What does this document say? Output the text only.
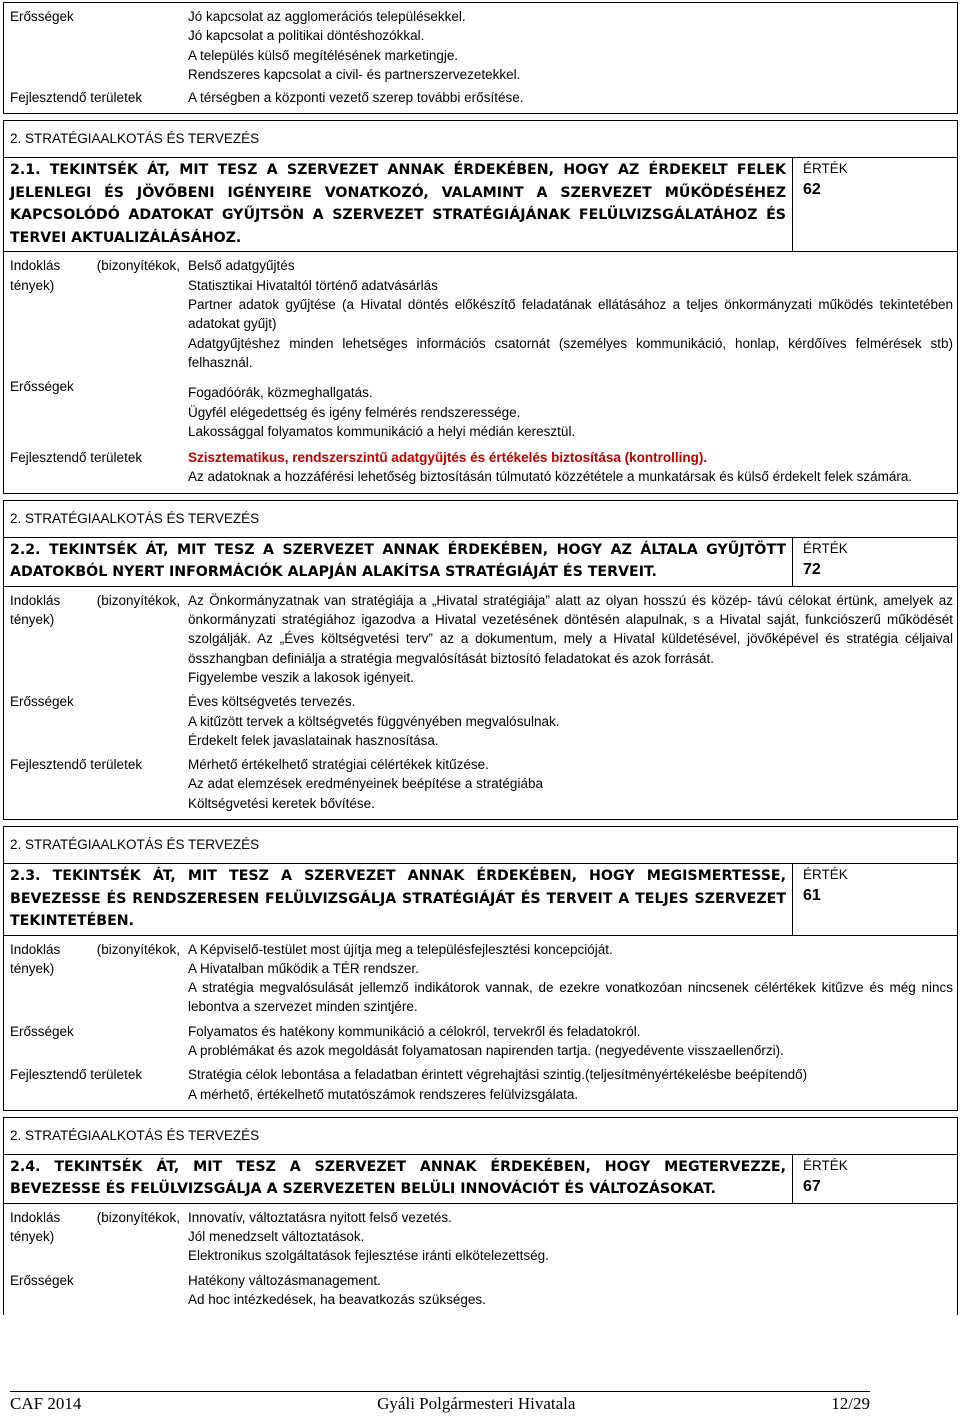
Erősségek	Jó kapcsolat az agglomerációs településekkel.

Jó kapcsolat a politikai döntéshozókkal.

A település külső megítélésének marketingje.

Rendszeres kapcsolat a civil- és partnerszervezetekkel.

Fejlesztendő területek	A térségben a központi vezető szerep további erősítése.

2. STRATÉGIAALKOTÁS ÉS TERVEZÉS
2.1. TEKINTSÉK ÁT, MIT TESZ A SZERVEZET ANNAK ÉRDEKÉBEN, HOGY AZ ÉRDEKELT FELEK JELENLEGI ÉS JÖVŐBENI IGÉNYEIRE VONATKOZÓ, VALAMINT A SZERVEZET MŰKÖDÉSÉHEZ KAPCSOLÓDÓ ADATOKAT GYŰJTSÖN A SZERVEZET STRATÉGIÁJÁNAK FELÜLVIZSGÁLATÁHOZ ÉS TERVEI AKTUALIZÁLÁSÁHOZ.
ÉRTÉK
62
Indoklás	(bizonyítékok,
tények)

Belső adatgyűjtés

Statisztikai Hivataltól történő adatvásárlás

Partner adatok gyűjtése (a Hivatal döntés előkészítő feladatának ellátásához a teljes önkormányzati működés tekintetében adatokat gyűjt)

Adatgyűjtéshez minden lehetséges információs csatornát (személyes kommunikáció, honlap, kérdőíves felmérések stb) felhasznál.

Erősségek	Fogadóórák, közmeghallgatás.

Ügyfél elégedettség és igény felmérés rendszeressége.

Lakossággal folyamatos kommunikáció a helyi médián keresztül.

Fejlesztendő területek	Szisztematikus, rendszerszintű adatgyűjtés és értékelés biztosítása (kontrolling).

Az adatoknak a hozzáférési lehetőség biztosításán túlmutató közzététele a munkatársak és külső érdekelt felek számára.

2. STRATÉGIAALKOTÁS ÉS TERVEZÉS
2.2. TEKINTSÉK ÁT, MIT TESZ A SZERVEZET ANNAK ÉRDEKÉBEN, HOGY AZ ÁLTALA GYŰJTÖTT ADATOKBÓL NYERT INFORMÁCIÓK ALAPJÁN ALAKÍTSA STRATÉGIÁJÁT ÉS TERVEIT.
ÉRTÉK
72
Indoklás	(bizonyítékok,
tények)

Az Önkormányzatnak van stratégiája a „Hivatal stratégiája” alatt az olyan hosszú és közép- távú célokat értünk, amelyek az önkormányzati stratégiához igazodva a Hivatal vezetésének döntésén alapulnak, s a Hivatal saját, funkciószerű működését szolgálják. Az „Éves költségvetési terv” az a dokumentum, mely a Hivatal küldetésével, jövőképével és stratégia céljaival összhangban definiálja a stratégia megvalósítását biztosító feladatokat és azok forrását.

Figyelembe veszik a lakosok igényeit.

Erősségek	Éves költségvetés tervezés.

A kitűzött tervek a költségvetés függvényében megvalósulnak.

Érdekelt felek javaslatainak hasznosítása.

Fejlesztendő területek	Mérhető értékelhető stratégiai célértékek kitűzése.

Az adat elemzések eredményeinek beépítése a stratégiába

Költségvetési keretek bővítése.

2. STRATÉGIAALKOTÁS ÉS TERVEZÉS
2.3. TEKINTSÉK ÁT, MIT TESZ A SZERVEZET ANNAK ÉRDEKÉBEN, HOGY MEGISMERTESSE, BEVEZESSE ÉS RENDSZERESEN FELÜLVIZSGÁLJA STRATÉGIÁJÁT ÉS TERVEIT A TELJES SZERVEZET TEKINTETÉBEN.
ÉRTÉK
61
Indoklás	(bizonyítékok,
tények)

A Képviselő-testület most újítja meg a településfejlesztési koncepcióját.

A Hivatalban működik a TÉR rendszer.

A stratégia megvalósulását jellemző indikátorok vannak, de ezekre vonatkozóan nincsenek célértékek kitűzve és még nincs lebontva a szervezet minden szintjére.

Erősségek	Folyamatos és hatékony kommunikáció a célokról, tervekről és feladatokról.

A problémákat és azok megoldását folyamatosan napirenden tartja. (negyedévente visszaellenőrzi).

Fejlesztendő területek	Stratégia célok lebontása a feladatban érintett végrehajtási szintig.(teljesítményértékelésbe beépítendő)

A mérhető, értékelhető mutatószámok rendszeres felülvizsgálata.

2. STRATÉGIAALKOTÁS ÉS TERVEZÉS
2.4. TEKINTSÉK ÁT, MIT TESZ A SZERVEZET ANNAK ÉRDEKÉBEN, HOGY MEGTERVEZZE, BEVEZESSE ÉS FELÜLVIZSGÁLJA A SZERVEZETEN BELÜLI INNOVÁCIÓT ÉS VÁLTOZÁSOKAT.
ÉRTÉK
67
Indoklás	(bizonyítékok,
tények)

Innovatív, változtatásra nyitott felső vezetés.

Jól menedzselt változtatások.

Elektronikus szolgáltatások fejlesztése iránti elkötelezettség.

Erősségek	Hatékony változásmanagement.

Ad hoc intézkedések, ha beavatkozás szükséges.

CAF 2014	Gyáli Polgármesteri Hivatala	12/29
